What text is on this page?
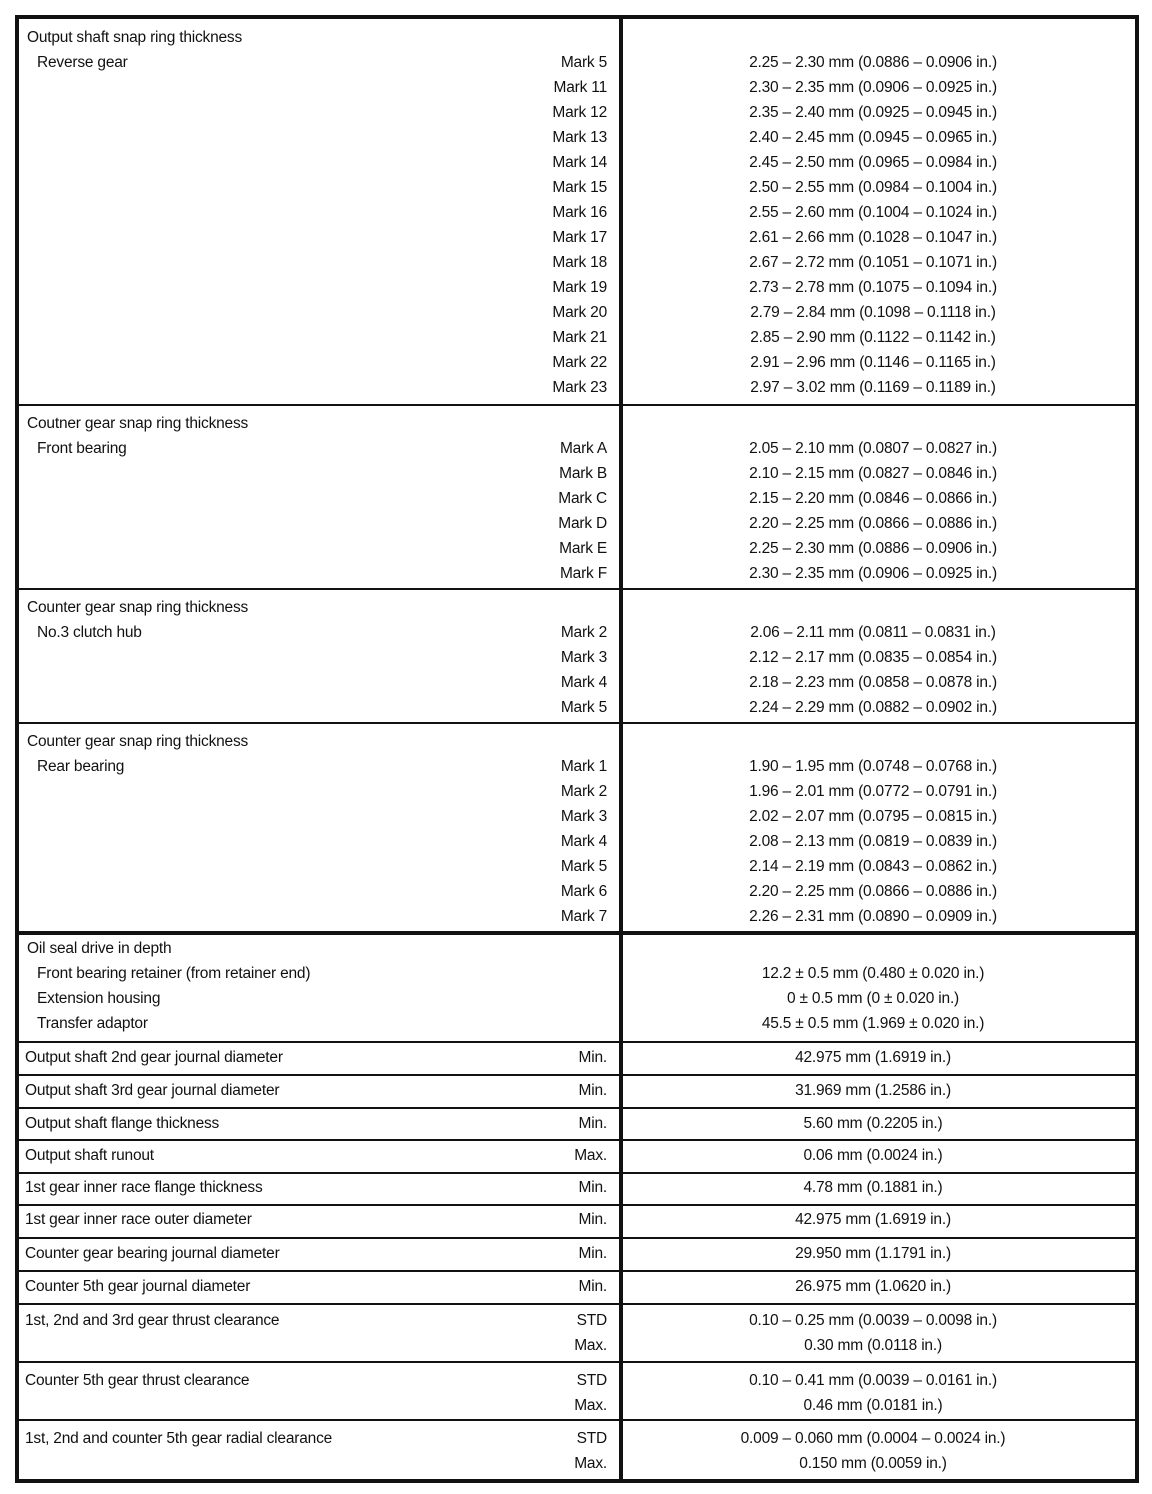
Output shaft snap ring thickness
Reverse gear	Mark 5	2.25 – 2.30 mm (0.0886 – 0.0906 in.)
Mark 11	2.30 – 2.35 mm (0.0906 – 0.0925 in.)
Mark 12	2.35 – 2.40 mm (0.0925 – 0.0945 in.)
Mark 13	2.40 – 2.45 mm (0.0945 – 0.0965 in.)
Mark 14	2.45 – 2.50 mm (0.0965 – 0.0984 in.)
Mark 15	2.50 – 2.55 mm (0.0984 – 0.1004 in.)
Mark 16	2.55 – 2.60 mm (0.1004 – 0.1024 in.)
Mark 17	2.61 – 2.66 mm (0.1028 – 0.1047 in.)
Mark 18	2.67 – 2.72 mm (0.1051 – 0.1071 in.)
Mark 19	2.73 – 2.78 mm (0.1075 – 0.1094 in.)
Mark 20	2.79 – 2.84 mm (0.1098 – 0.1118 in.)
Mark 21	2.85 – 2.90 mm (0.1122 – 0.1142 in.)
Mark 22	2.91 – 2.96 mm (0.1146 – 0.1165 in.)
Mark 23	2.97 – 3.02 mm (0.1169 – 0.1189 in.)
Coutner gear snap ring thickness
Front bearing	Mark A	2.05 – 2.10 mm (0.0807 – 0.0827 in.)
Mark B	2.10 – 2.15 mm (0.0827 – 0.0846 in.)
Mark C	2.15 – 2.20 mm (0.0846 – 0.0866 in.)
Mark D	2.20 – 2.25 mm (0.0866 – 0.0886 in.)
Mark E	2.25 – 2.30 mm (0.0886 – 0.0906 in.)
Mark F	2.30 – 2.35 mm (0.0906 – 0.0925 in.)
Counter gear snap ring thickness
No.3 clutch hub	Mark 2	2.06 – 2.11 mm (0.0811 – 0.0831 in.)
Mark 3	2.12 – 2.17 mm (0.0835 – 0.0854 in.)
Mark 4	2.18 – 2.23 mm (0.0858 – 0.0878 in.)
Mark 5	2.24 – 2.29 mm (0.0882 – 0.0902 in.)
Counter gear snap ring thickness
Rear bearing	Mark 1	1.90 – 1.95 mm (0.0748 – 0.0768 in.)
Mark 2	1.96 – 2.01 mm (0.0772 – 0.0791 in.)
Mark 3	2.02 – 2.07 mm (0.0795 – 0.0815 in.)
Mark 4	2.08 – 2.13 mm (0.0819 – 0.0839 in.)
Mark 5	2.14 – 2.19 mm (0.0843 – 0.0862 in.)
Mark 6	2.20 – 2.25 mm (0.0866 – 0.0886 in.)
Mark 7	2.26 – 2.31 mm (0.0890 – 0.0909 in.)
Oil seal drive in depth
Front bearing retainer (from retainer end)	12.2 ± 0.5 mm (0.480 ± 0.020 in.)
Extension housing	0 ± 0.5 mm (0 ± 0.020 in.)
Transfer adaptor	45.5 ± 0.5 mm (1.969 ± 0.020 in.)
Output shaft 2nd gear journal diameter	Min.	42.975 mm (1.6919 in.)
Output shaft 3rd gear journal diameter	Min.	31.969 mm (1.2586 in.)
Output shaft flange thickness	Min.	5.60 mm (0.2205 in.)
Output shaft runout	Max.	0.06 mm (0.0024 in.)
1st gear inner race flange thickness	Min.	4.78 mm (0.1881 in.)
1st gear inner race outer diameter	Min.	42.975 mm (1.6919 in.)
Counter gear bearing journal diameter	Min.	29.950 mm (1.1791 in.)
Counter 5th gear journal diameter	Min.	26.975 mm (1.0620 in.)
1st, 2nd and 3rd gear thrust clearance	STD	0.10 – 0.25 mm (0.0039 – 0.0098 in.)
Max.	0.30 mm (0.0118 in.)
Counter 5th gear thrust clearance	STD	0.10 – 0.41 mm (0.0039 – 0.0161 in.)
Max.	0.46 mm (0.0181 in.)
1st, 2nd and counter 5th gear radial clearance	STD	0.009 – 0.060 mm (0.0004 – 0.0024 in.)
Max.	0.150 mm (0.0059 in.)
